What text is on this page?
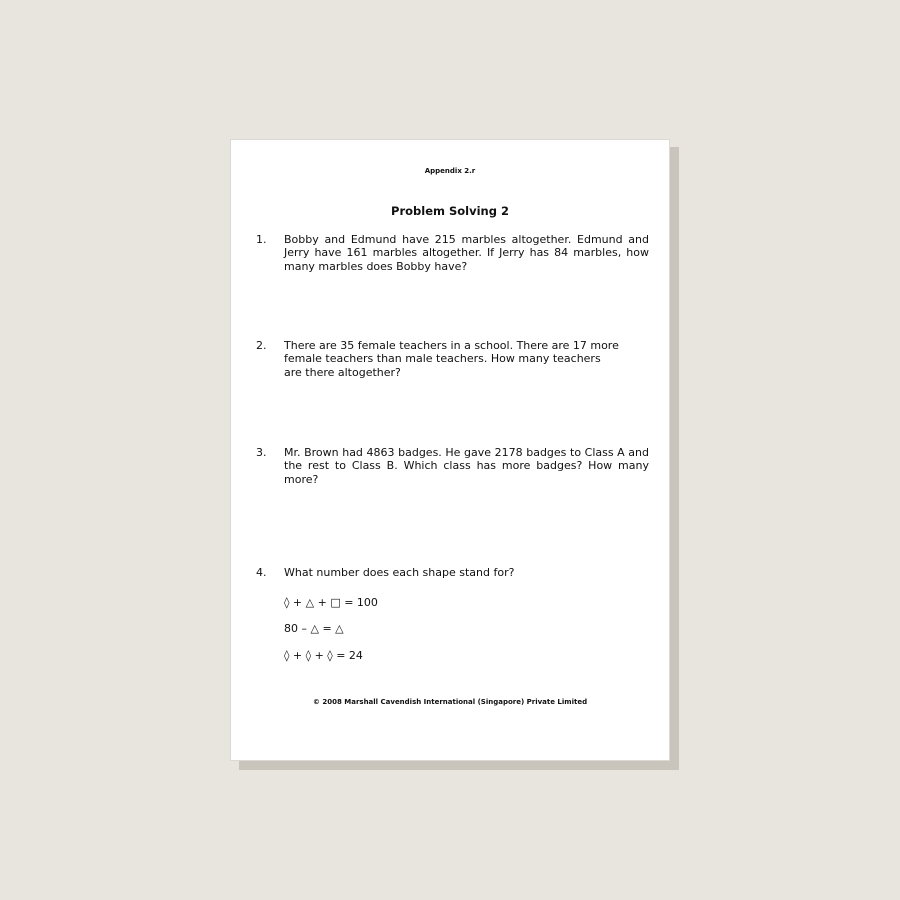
Appendix 2.r
Problem Solving 2
1. Bobby and Edmund have 215 marbles altogether. Edmund and Jerry have 161 marbles altogether. If Jerry has 84 marbles, how many marbles does Bobby have?
2. There are 35 female teachers in a school. There are 17 more female teachers than male teachers. How many teachers are there altogether?
3. Mr. Brown had 4863 badges. He gave 2178 badges to Class A and the rest to Class B. Which class has more badges? How many more?
4. What number does each shape stand for?
◊ + △ + □ = 100
80 – △ = △
◊ + ◊ + ◊ = 24
© 2008 Marshall Cavendish International (Singapore) Private Limited
